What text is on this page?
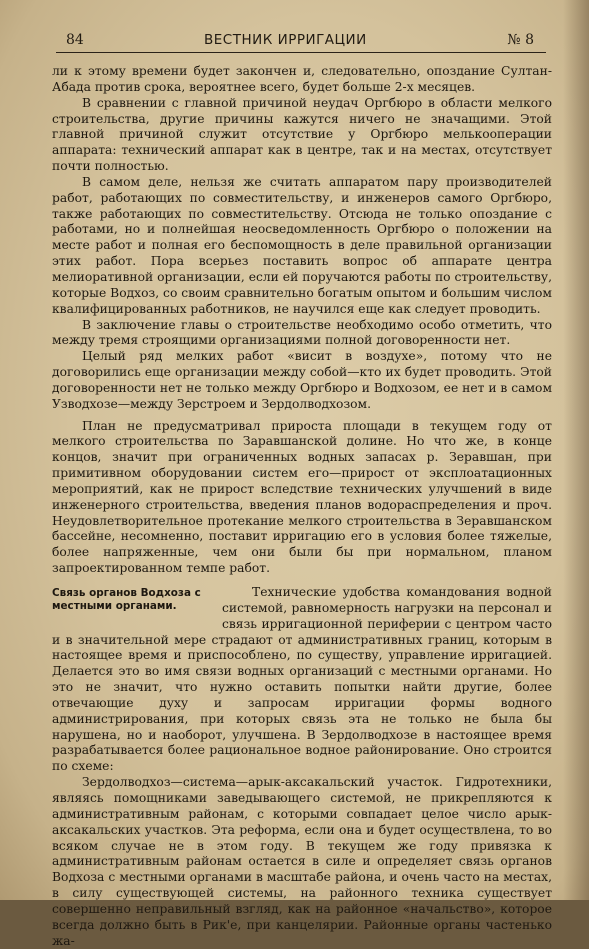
84	ВЕСТНИК ИРРИГАЦИИ	№ 8

ли к этому времени будет закончен и, следовательно, опоздание Султан-Абада против срока, вероятнее всего, будет больше 2-х месяцев.

В сравнении с главной причиной неудач Оргбюро в области мелкого строительства, другие причины кажутся ничего не значащими. Этой главной причиной служит отсутствие у Оргбюро мелькооперации аппарата: технический аппарат как в центре, так и на местах, отсутствует почти полностью.

В самом деле, нельзя же считать аппаратом пару производителей работ, работающих по совместительству, и инженеров самого Оргбюро, также работающих по совместительству. Отсюда не только опоздание с работами, но и полнейшая неосведомленность Оргбюро о положении на месте работ и полная его беспомощность в деле правильной организации этих работ. Пора всерьез поставить вопрос об аппарате центра мелиоративной организации, если ей поручаются работы по строительству, которые Водхоз, со своим сравнительно богатым опытом и большим числом квалифицированных работников, не научился еще как следует проводить.

В заключение главы о строительстве необходимо особо отметить, что между тремя строящими организациями полной договоренности нет.

Целый ряд мелких работ «висит в воздухе», потому что не договорились еще организации между собой—кто их будет проводить. Этой договоренности нет не только между Оргбюро и Водхозом, ее нет и в самом Узводхозе—между Зерстроем и Зердолводхозом.

План не предусматривал прироста площади в текущем году от мелкого строительства по Заравшанской долине. Но что же, в конце концов, значит при ограниченных водных запасах р. Зеравшан, при примитивном оборудовании систем его—прирост от эксплоатационных мероприятий, как не прирост вследствие технических улучшений в виде инженерного строительства, введения планов водораспределения и проч. Неудовлетворительное протекание мелкого строительства в Зеравшанском бассейне, несомненно, поставит ирригацию его в условия более тяжелые, более напряженные, чем они были бы при нормальном, планом запроектированном темпе работ.

Связь органов Водхоза с местными органами.

Технические удобства командования водной системой, равномерность нагрузки на персонал и связь ирригационной периферии с центром часто и в значительной мере страдают от административных границ, которым в настоящее время и приспособлено, по существу, управление ирригацией. Делается это во имя связи водных организаций с местными органами. Но это не значит, что нужно оставить попытки найти другие, более отвечающие духу и запросам ирригации формы водного администрирования, при которых связь эта не только не была бы нарушена, но и наоборот, улучшена. В Зердолводхозе в настоящее время разрабатывается более рациональное водное районирование. Оно строится по схеме:

Зердолводхоз—система—арык-аксакальский участок. Гидротехники, являясь помощниками заведывающего системой, не прикрепляются к административным районам, с которыми совпадает целое число арык-аксакальских участков. Эта реформа, если она и будет осуществлена, то во всяком случае не в этом году. В текущем же году привязка к административным районам остается в силе и определяет связь органов Водхоза с местными органами в масштабе района, и очень часто на местах, в силу существующей системы, на районного техника существует совершенно неправильный взгляд, как на районное «начальство», которое всегда должно быть в Рик'е, при канцелярии. Районные органы частенько жа-
